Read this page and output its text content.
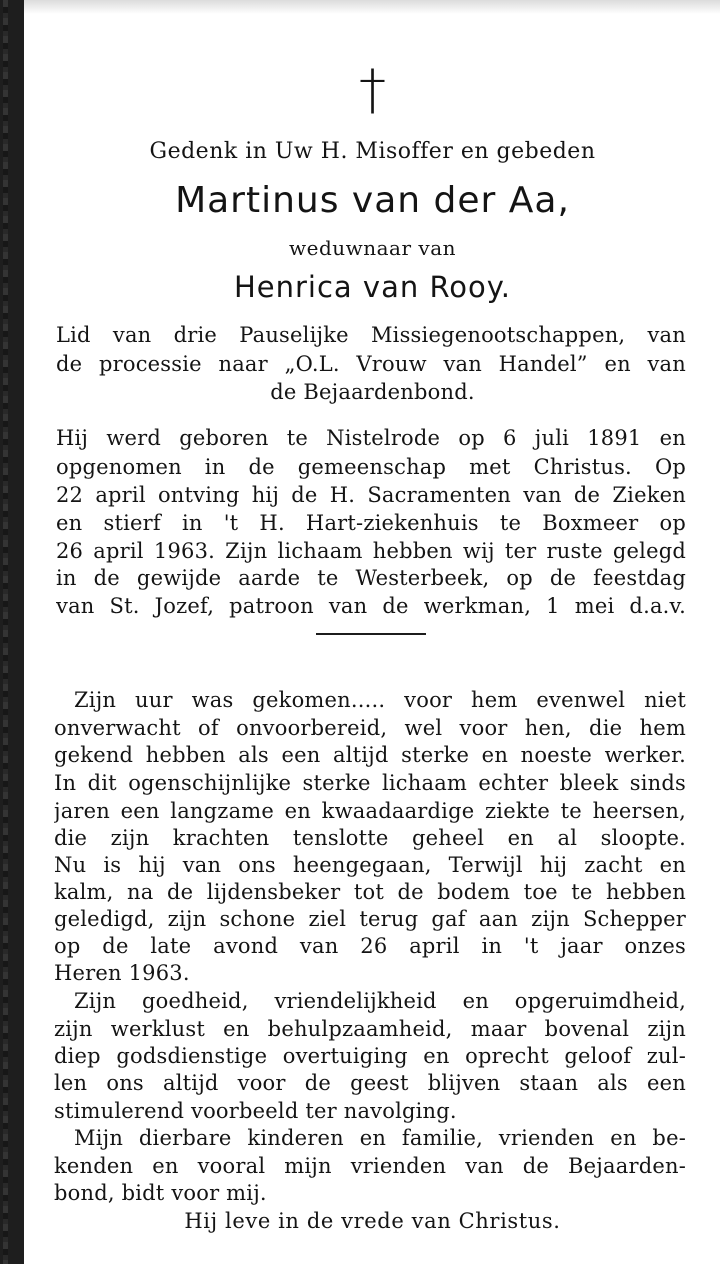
†
Gedenk in Uw H. Misoffer en gebeden
Martinus van der Aa,
weduwnaar van
Henrica van Rooy.
Lid van drie Pauselijke Missiegenootschappen, van
de processie naar „O.L. Vrouw van Handel” en van
de Bejaardenbond.
Hij werd geboren te Nistelrode op 6 juli 1891 en
opgenomen in de gemeenschap met Christus. Op
22 april ontving hij de H. Sacramenten van de Zieken
en stierf in 't H. Hart-ziekenhuis te Boxmeer op
26 april 1963. Zijn lichaam hebben wij ter ruste gelegd
in de gewijde aarde te Westerbeek, op de feestdag
van St. Jozef, patroon van de werkman, 1 mei d.a.v.
Zijn uur was gekomen..... voor hem evenwel niet
onverwacht of onvoorbereid, wel voor hen, die hem
gekend hebben als een altijd sterke en noeste werker.
In dit ogenschijnlijke sterke lichaam echter bleek sinds
jaren een langzame en kwaadaardige ziekte te heersen,
die zijn krachten tenslotte geheel en al sloopte.
Nu is hij van ons heengegaan, Terwijl hij zacht en
kalm, na de lijdensbeker tot de bodem toe te hebben
geledigd, zijn schone ziel terug gaf aan zijn Schepper
op de late avond van 26 april in 't jaar onzes
Heren 1963.
Zijn goedheid, vriendelijkheid en opgeruimdheid,
zijn werklust en behulpzaamheid, maar bovenal zijn
diep godsdienstige overtuiging en oprecht geloof zul-
len ons altijd voor de geest blijven staan als een
stimulerend voorbeeld ter navolging.
Mijn dierbare kinderen en familie, vrienden en be-
kenden en vooral mijn vrienden van de Bejaarden-
bond, bidt voor mij.
Hij leve in de vrede van Christus.
